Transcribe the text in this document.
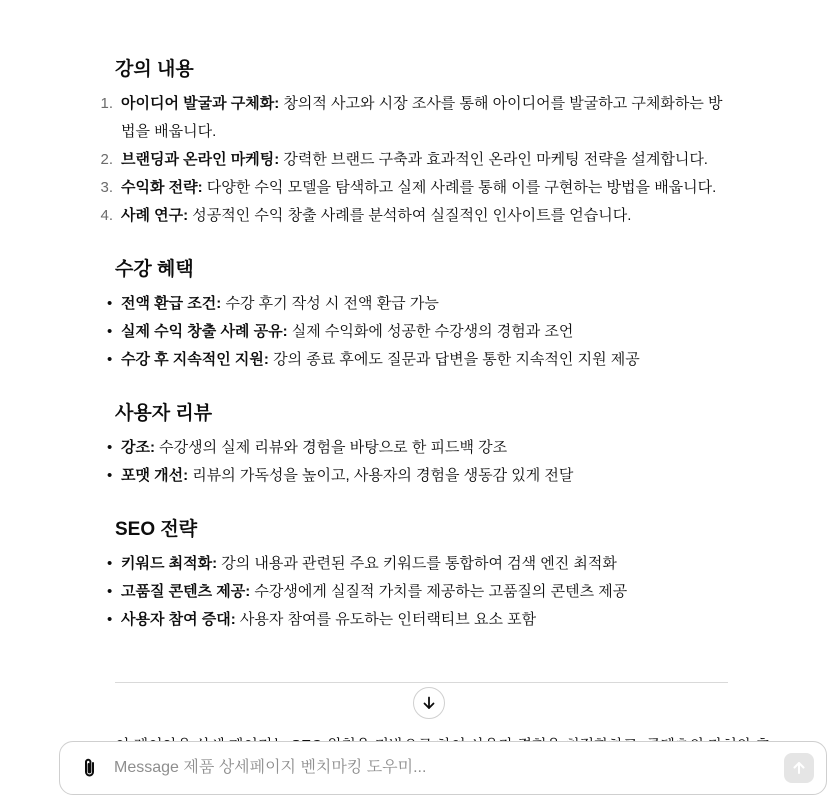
강의 내용
1. 아이디어 발굴과 구체화: 창의적 사고와 시장 조사를 통해 아이디어를 발굴하고 구체화하는 방법을 배웁니다.
2. 브랜딩과 온라인 마케팅: 강력한 브랜드 구축과 효과적인 온라인 마케팅 전략을 설계합니다.
3. 수익화 전략: 다양한 수익 모델을 탐색하고 실제 사례를 통해 이를 구현하는 방법을 배웁니다.
4. 사례 연구: 성공적인 수익 창출 사례를 분석하여 실질적인 인사이트를 얻습니다.
수강 혜택
• 전액 환급 조건: 수강 후기 작성 시 전액 환급 가능
• 실제 수익 창출 사례 공유: 실제 수익화에 성공한 수강생의 경험과 조언
• 수강 후 지속적인 지원: 강의 종료 후에도 질문과 답변을 통한 지속적인 지원 제공
사용자 리뷰
• 강조: 수강생의 실제 리뷰와 경험을 바탕으로 한 피드백 강조
• 포맷 개선: 리뷰의 가독성을 높이고, 사용자의 경험을 생동감 있게 전달
SEO 전략
• 키워드 최적화: 강의 내용과 관련된 주요 키워드를 통합하여 검색 엔진 최적화
• 고품질 콘텐츠 제공: 수강생에게 실질적 가치를 제공하는 고품질의 콘텐츠 제공
• 사용자 참여 증대: 사용자 참여를 유도하는 인터랙티브 요소 포함
Message 제품 상세페이지 벤치마킹 도우미...
